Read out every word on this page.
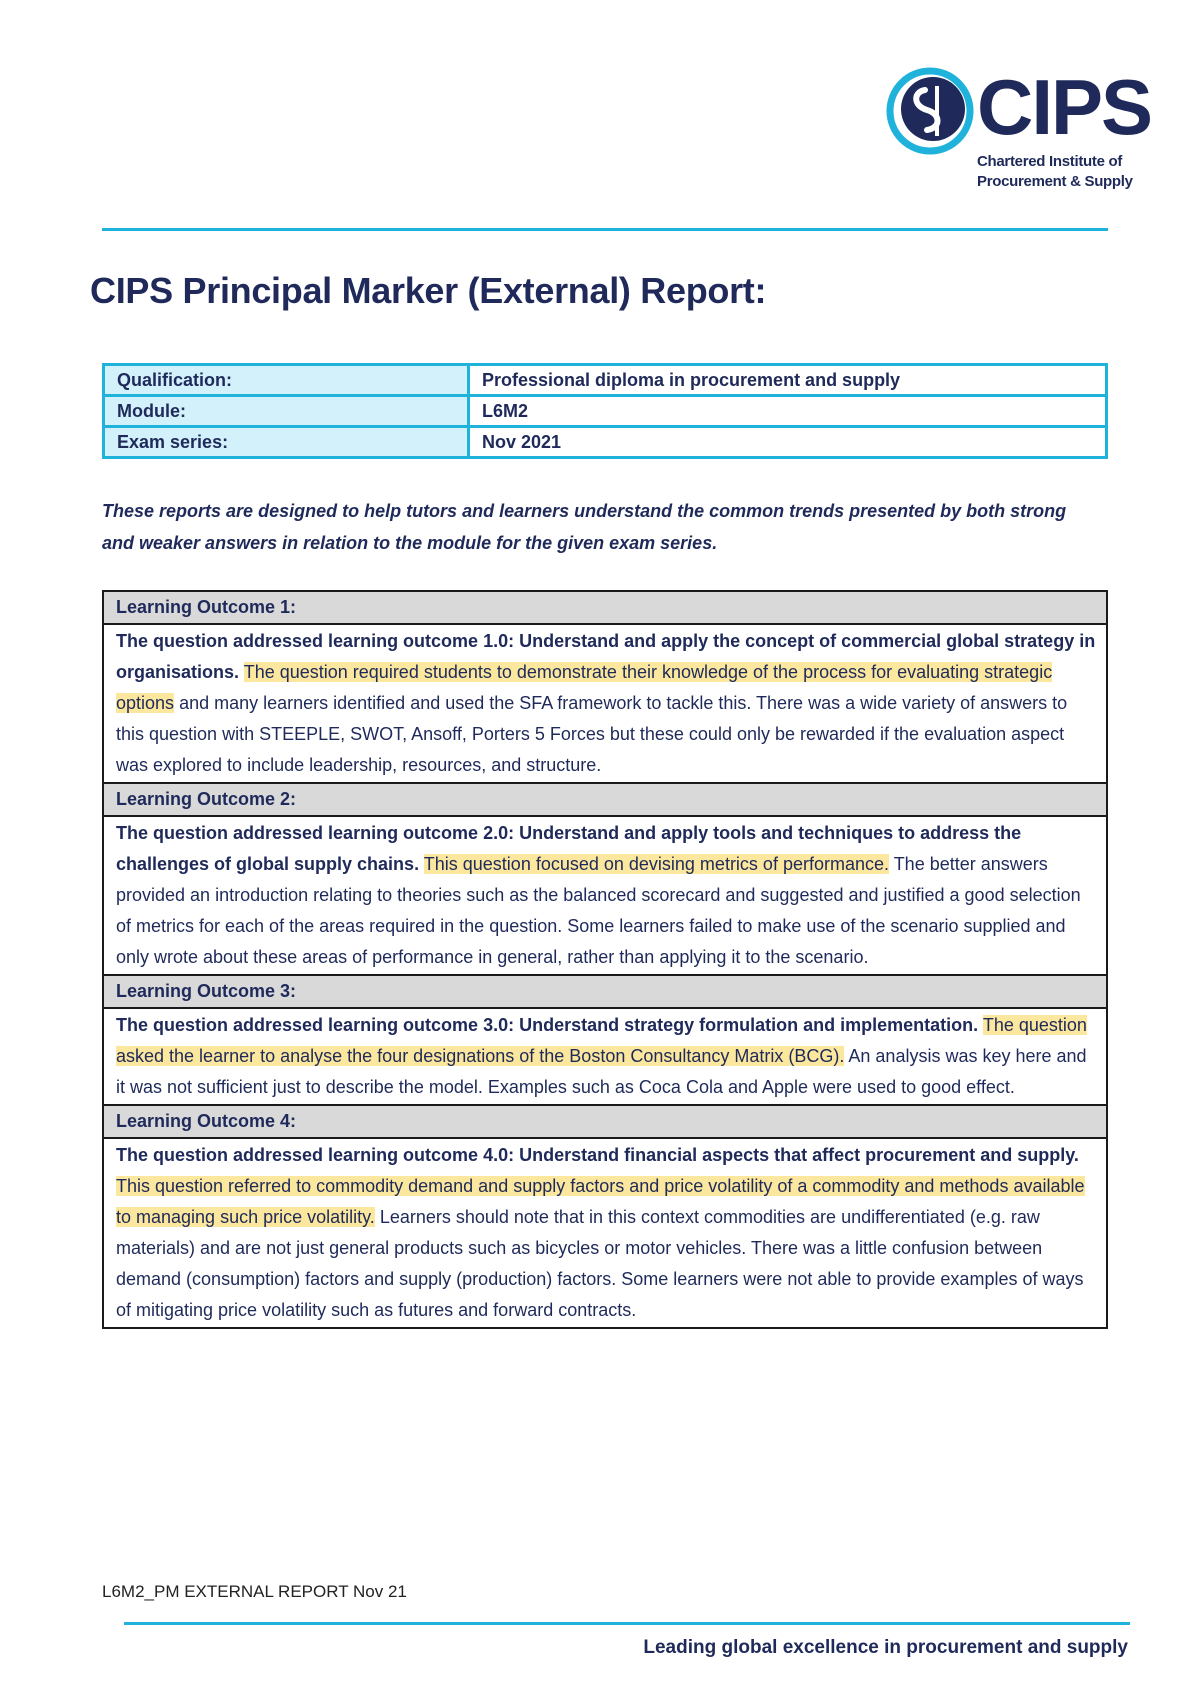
CIPS
Chartered Institute of
Procurement & Supply
CIPS Principal Marker (External) Report:
Qualification:	Professional diploma in procurement and supply
Module:	L6M2
Exam series:	Nov 2021

These reports are designed to help tutors and learners understand the common trends presented by both strong and weaker answers in relation to the module for the given exam series.

Learning Outcome 1:
The question addressed learning outcome 1.0: Understand and apply the concept of commercial global strategy in organisations. The question required students to demonstrate their knowledge of the process for evaluating strategic options and many learners identified and used the SFA framework to tackle this. There was a wide variety of answers to this question with STEEPLE, SWOT, Ansoff, Porters 5 Forces but these could only be rewarded if the evaluation aspect was explored to include leadership, resources, and structure.
Learning Outcome 2:
The question addressed learning outcome 2.0: Understand and apply tools and techniques to address the challenges of global supply chains. This question focused on devising metrics of performance. The better answers provided an introduction relating to theories such as the balanced scorecard and suggested and justified a good selection of metrics for each of the areas required in the question. Some learners failed to make use of the scenario supplied and only wrote about these areas of performance in general, rather than applying it to the scenario.
Learning Outcome 3:
The question addressed learning outcome 3.0: Understand strategy formulation and implementation. The question asked the learner to analyse the four designations of the Boston Consultancy Matrix (BCG). An analysis was key here and it was not sufficient just to describe the model. Examples such as Coca Cola and Apple were used to good effect.
Learning Outcome 4:
The question addressed learning outcome 4.0: Understand financial aspects that affect procurement and supply. This question referred to commodity demand and supply factors and price volatility of a commodity and methods available to managing such price volatility. Learners should note that in this context commodities are undifferentiated (e.g. raw materials) and are not just general products such as bicycles or motor vehicles. There was a little confusion between demand (consumption) factors and supply (production) factors. Some learners were not able to provide examples of ways of mitigating price volatility such as futures and forward contracts.
L6M2_PM EXTERNAL REPORT Nov 21
Leading global excellence in procurement and supply
